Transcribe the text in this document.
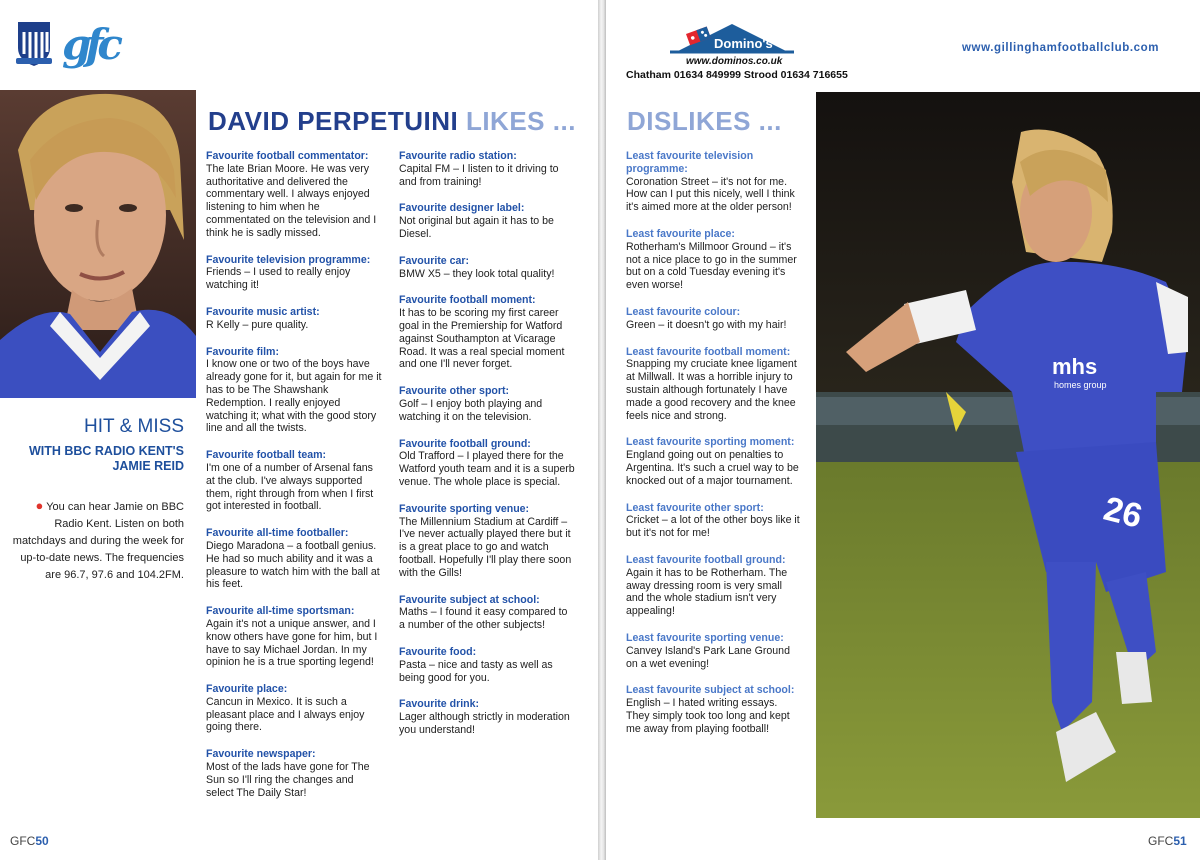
gfc
HIT & MISS
WITH BBC RADIO KENT'S
JAMIE REID
● You can hear Jamie on BBC Radio Kent. Listen on both matchdays and during the week for up-to-date news. The frequencies are 96.7, 97.6 and 104.2FM.
DAVID PERPETUINI LIKES ...
Favourite football commentator:
The late Brian Moore. He was very authoritative and delivered the commentary well. I always enjoyed listening to him when he commentated on the television and I think he is sadly missed.
Favourite television programme:
Friends – I used to really enjoy watching it!
Favourite music artist:
R Kelly – pure quality.
Favourite film:
I know one or two of the boys have already gone for it, but again for me it has to be The Shawshank Redemption. I really enjoyed watching it; what with the good story line and all the twists.
Favourite football team:
I'm one of a number of Arsenal fans at the club. I've always supported them, right through from when I first got interested in football.
Favourite all-time footballer:
Diego Maradona – a football genius. He had so much ability and it was a pleasure to watch him with the ball at his feet.
Favourite all-time sportsman:
Again it's not a unique answer, and I know others have gone for him, but I have to say Michael Jordan. In my opinion he is a true sporting legend!
Favourite place:
Cancun in Mexico. It is such a pleasant place and I always enjoy going there.
Favourite newspaper:
Most of the lads have gone for The Sun so I'll ring the changes and select The Daily Star!
Favourite radio station:
Capital FM – I listen to it driving to and from training!
Favourite designer label:
Not original but again it has to be Diesel.
Favourite car:
BMW X5 – they look total quality!
Favourite football moment:
It has to be scoring my first career goal in the Premiership for Watford against Southampton at Vicarage Road. It was a real special moment and one I'll never forget.
Favourite other sport:
Golf – I enjoy both playing and watching it on the television.
Favourite football ground:
Old Trafford – I played there for the Watford youth team and it is a superb venue. The whole place is special.
Favourite sporting venue:
The Millennium Stadium at Cardiff – I've never actually played there but it is a great place to go and watch football. Hopefully I'll play there soon with the Gills!
Favourite subject at school:
Maths – I found it easy compared to a number of the other subjects!
Favourite food:
Pasta – nice and tasty as well as being good for you.
Favourite drink:
Lager although strictly in moderation you understand!
GFC50
Domino's
www.dominos.co.uk
Chatham 01634 849999 Strood 01634 716655
www.gillinghamfootballclub.com
DISLIKES ...
Least favourite television programme:
Coronation Street – it's not for me. How can I put this nicely, well I think it's aimed more at the older person!
Least favourite place:
Rotherham's Millmoor Ground – it's not a nice place to go in the summer but on a cold Tuesday evening it's even worse!
Least favourite colour:
Green – it doesn't go with my hair!
Least favourite football moment:
Snapping my cruciate knee ligament at Millwall. It was a horrible injury to sustain although fortunately I have made a good recovery and the knee feels nice and strong.
Least favourite sporting moment:
England going out on penalties to Argentina. It's such a cruel way to be knocked out of a major tournament.
Least favourite other sport:
Cricket – a lot of the other boys like it but it's not for me!
Least favourite football ground:
Again it has to be Rotherham. The away dressing room is very small and the whole stadium isn't very appealing!
Least favourite sporting venue:
Canvey Island's Park Lane Ground on a wet evening!
Least favourite subject at school:
English – I hated writing essays. They simply took too long and kept me away from playing football!
mhs
homes group
26
GFC51
